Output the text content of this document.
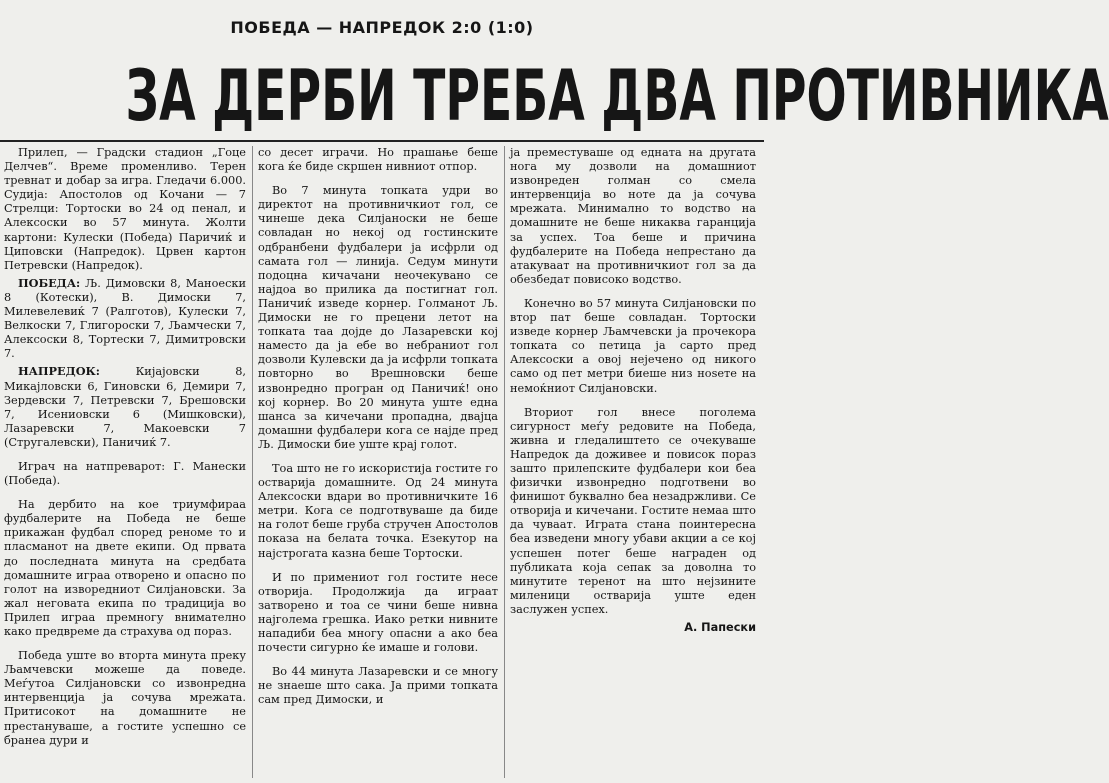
ПОБЕДА — НАПРЕДОК 2:0 (1:0)
ЗА ДЕРБИ ТРЕБА ДВА ПРОТИВНИКА

Прилеп, — Градски стадион „Гоце Делчев“. Време променливо. Терен тревнат и добар за игра. Гледачи 6.000. Судија: Апостолов од Кочани — 7 Стрелци: Тортоски во 24 од пенал, и Алексоски во 57 минута. Жолти картони: Кулески (Победа) Паричиќ и Циповски (Напредок). Црвен картон Петревски (Напредок).

ПОБЕДА: Љ. Димовски 8, Маноески 8 (Котески), В. Димоски 7, Милевелевиќ 7 (Ралготов), Кулески 7, Велкоски 7, Глигороски 7, Љамчески 7, Алексоски 8, Тортески 7, Димитровски 7.

НАПРЕДОК:	Кијајовски 8, Микајловски 6, Гиновски 6, Демири 7, Зердевски 7, Петревски 7, Брешовски 7, Исениовски 6 (Мишковски), Лазаревски 7, Макоевски 7 (Стругалевски), Паничиќ 7.

Играч на натпреварот: Г. Манески (Победа).

На дербито на кое триумфираа фудбалерите на Победа не беше прикажан фудбал според реноме то и пласманот на двете екипи. Од првата до последната минута на средбата домашните играа отворено и опасно по голот на изворедниот Силјановски. За жал неговата екипа по традиција во Прилеп играа премногу внимателно како предвреме да страхува од пораз.

Победа уште во вторта минута преку Љамчевски можеше да поведе. Меѓутоа Силјановски со извонредна интервенција ја сочува мрежата. Притисокот на домашните не престануваше, а гостите успешно се бранеа дури и

со десет играчи. Но прашање беше кога ќе биде скршен нивниот отпор.

Во 7 минута топката удри во директот на противничкиот гол, се чинеше дека Силјаноски не беше совладан но некој од гостинските одбранбени фудбалери ја исфрли од самата гол — линија. Седум минути подоцна кичачани неочекувано се најдоа во прилика да постигнат гол. Паничиќ изведе корнер. Голманот Љ. Димоски не го прецени летот на топката таа дојде до Лазаревски кој наместо да ја ебе во небраниот гол дозволи Кулевски да ја исфрли топката повторно во Врешновски беше извонредно програн од Паничиќ! оно кој корнер. Во 20 минута уште една шанса за кичечани пропадна, двајца домашни фудбалери кога се најде пред Љ. Димоски бие уште крај голот.

Тоа што не го искористија гостите го оствариja домашните. Од 24 минута Алексоски вдари во противничките 16 метри. Кога се подготвуваше да биде на голот беше груба стручен Апостолов показа на белата точка. Езекутор на најстрогата казна беше Тортоски.

И по примениот гол гостите несе отворија. Продолжија да играат затворено и тоа се чини беше нивна најголема грешка. Иако ретки нивните нападиби беа многу опасни а ако беа почести сигурно ќе имаше и голови.

Во 44 минута Лазаревски и се многу не знаеше што сака. Ја прими топката сам пред Димоски, и

ја преместуваше од едната на другата нога му дозволи на домашниот извонреден голман со смела интервенција во ноте да ја сочува мрежата. Минимално то водство на домашните не беше никаква гаранција за успех. Тоа беше и причина фудбалерите на Победа непрестано да атакуваат на противничкиот гол за да обезбедат повисоко водство.

Конечно во 57 минута Силјановски по втор пат беше совладан. Тортоски изведе корнер Љамчевски ја прочекора топката со петица ја сарто пред Алексоски а овој нејечено од никого само од пет метри биеше низ ноѕете на немоќниот Силјановски.

Вториот гол внесе поголема сигурност меѓу редовите на Победа, живна и гледалиштето се очекуваше Напредок да доживее и повисок пораз зашто прилепските фудбалери кои беа физички извонредно подготвени во финишот буквално беа незадржливи. Се отворија и кичечани. Гостите немаа што да чуваат. Играта стана поинтересна беа изведени многу убави акции а се кој успешен потег беше награден од публиката која сепак за доволна то минутите теренот на што нејзините миленици остварија уште еден заслужен успех.

А. Папески
